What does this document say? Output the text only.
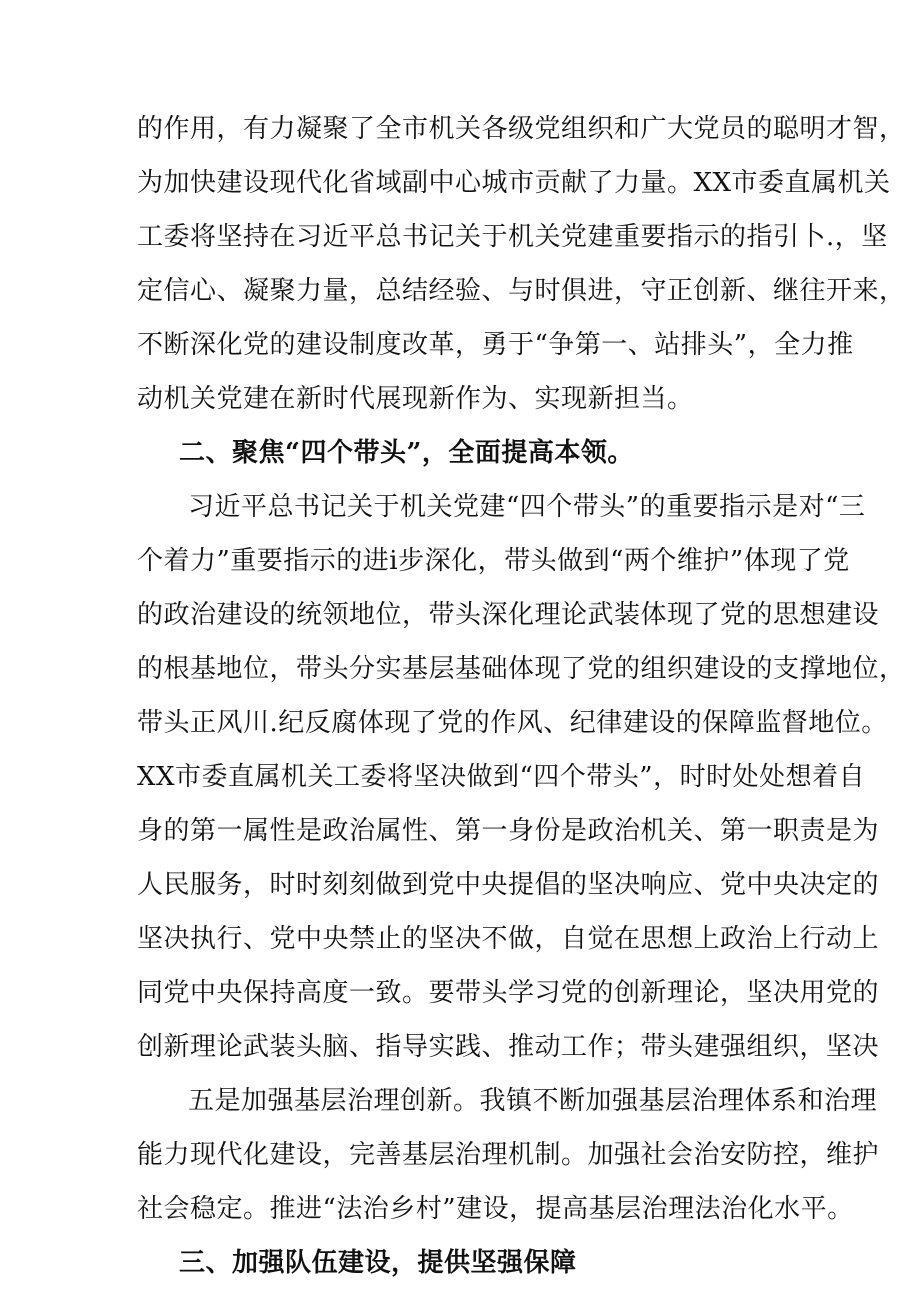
的作用，有力凝聚了全市机关各级党组织和广大党员的聪明才智，
为加快建设现代化省域副中心城市贡献了力量。XX市委直属机关
工委将坚持在习近平总书记关于机关党建重要指示的指引卜.，坚
定信心、凝聚力量，总结经验、与时俱进，守正创新、继往开来，
不断深化党的建设制度改革，勇于“争第一、站排头”，全力推
动机关党建在新时代展现新作为、实现新担当。
二、聚焦“四个带头”，全面提高本领。
习近平总书记关于机关党建“四个带头”的重要指示是对“三
个着力”重要指示的进i步深化，带头做到“两个维护”体现了党
的政治建设的统领地位，带头深化理论武装体现了党的思想建设
的根基地位，带头分实基层基础体现了党的组织建设的支撑地位，
带头正风川.纪反腐体现了党的作风、纪律建设的保障监督地位。
XX市委直属机关工委将坚决做到“四个带头”，时时处处想着自
身的第一属性是政治属性、第一身份是政治机关、第一职责是为
人民服务，时时刻刻做到党中央提倡的坚决响应、党中央决定的
坚决执行、党中央禁止的坚决不做，自觉在思想上政治上行动上
同党中央保持高度一致。要带头学习党的创新理论，坚决用党的
创新理论武装头脑、指导实践、推动工作；带头建强组织，坚决
五是加强基层治理创新。我镇不断加强基层治理体系和治理
能力现代化建设，完善基层治理机制。加强社会治安防控，维护
社会稳定。推进“法治乡村”建设，提高基层治理法治化水平。
三、加强队伍建设，提供坚强保障
